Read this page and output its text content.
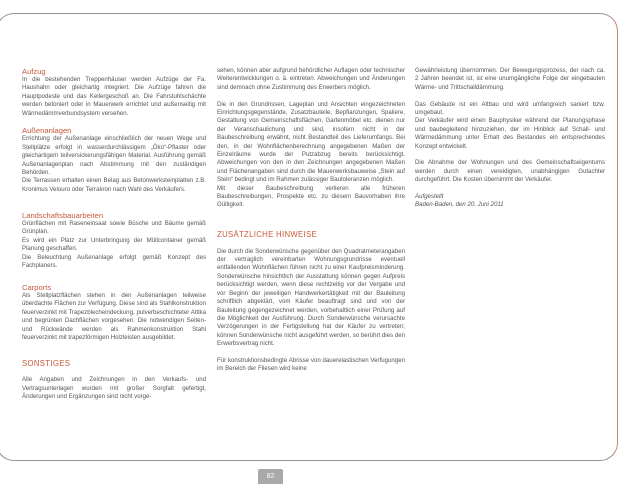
Aufzug

In die bestehenden Treppenhäuser werden Aufzüge der Fa. Haushahn oder gleichartig integriert. Die Aufzüge fahren die Hauptpodeste und das Kellergeschoß an. Die Fahrstuhlschächte werden betoniert oder in Mauerwerk errichtet und außenseitig mit Wärmedämmverbundsystem versehen.

Außenanlagen

Errichtung der Außenanlage einschließlich der neuen Wege und Stellplätze erfolgt in wasserdurchlässigem „Öko“-Pflaster oder gleichartigem teilversickerungsfähigen Material. Ausführung gemäß Außenanlagenplan nach Abstimmung mit den zuständigen Behörden.

Die Terrassen erhalten einen Belag aus Betonwerksteinplatten z.B. Kronimus Velouro oder Terrakron nach Wahl des Verkäufers.

Landschaftsbauarbeiten

Grünflächen mit Raseneinsaat sowie Büsche und Bäume gemäß Grünplan.

Es wird ein Platz zur Unterbringung der Müllcontainer gemäß Planung geschaffen.

Die Beleuchtung Außenanlage erfolgt gemäß Konzept des Fachplaners.

Carports

Als Stellplatzflächen stehen in den Außenanlagen teilweise überdachte Flächen zur Verfügung. Diese sind als Stahlkonstruktion feuerverzinkt mit Trapezblecheindeckung, pulverbeschichteter Attika und begrünten Dachflächen vorgesehen. Die notwendigen Seiten- und Rückwände werden als Rahmenkonstruktion Stahl feuerverzinkt mit trapezförmigen Holzleisten ausgebildet.

SONSTIGES

Alle Angaben und Zeichnungen in den Verkaufs- und Vertragsunterlagen wurden mit großer Sorgfalt gefertigt, Änderungen und Ergänzungen sind nicht vorge-

sehen, können aber aufgrund behördlicher Auflagen oder technischer Weiterentwicklungen o. ä. eintreten. Abweichungen und Änderungen sind demnach ohne Zustimmung des Erwerbers möglich.

Die in den Grundrissen, Lageplan und Ansichten eingezeichneten Einrichtungsgegenstände, Zusatzbauteile, Bepflanzungen, Spaliere, Gestaltung von Gemeinschaftsflächen, Gartenmöbel etc. dienen nur der Veranschaulichung und sind, insofern nicht in der Baubeschreibung erwähnt, nicht Bestandteil des Lieferumfangs. Bei den, in der Wohnflächenberechnung angegebenen Maßen der Einzelräume wurde der Putzabzug bereits berücksichtigt. Abweichungen von den in den Zeichnungen angegebenen Maßen und Flächenangaben sind durch die Mauerwerksbauweise „Stein auf Stein“ bedingt und im Rahmen zulässiger Bautoleranzen möglich.

Mit dieser Baubeschreibung verlieren alle früheren Baubeschreibungen, Prospekte etc. zu diesem Bauvorhaben ihre Gültigkeit.

ZUSÄTZLICHE HINWEISE

Die durch die Sonderwünsche gegenüber den Quadratmeterangaben der vertraglich vereinbarten Wohnungsgrundrisse eventuell entfallenden Wohnflächen führen nicht zu einer Kaufpreisminderung. Sonderwünsche hinsichtlich der Ausstattung können gegen Aufpreis berücksichtigt werden, wenn diese rechtzeitig vor der Vergabe und vor Beginn der jeweiligen Handwerkertätigkeit mit der Bauleitung schriftlich abgeklärt, vom Käufer beauftragt sind und von der Bauleitung gegengezeichnet werden, vorbehaltlich einer Prüfung auf die Möglichkeit der Ausführung. Durch Sonderwünsche verursachte Verzögerungen in der Fertigstellung hat der Käufer zu vertreten; können Sonderwünsche nicht ausgeführt werden, so berührt dies den Erwerbsvertrag nicht.

Für konstruktionsbedingte Abrisse von dauerelastischen Verfugungen im Bereich der Fliesen wird keine

Gewährleistung übernommen. Der Bewegungsprozess, der nach ca. 2 Jahren beendet ist, ist eine unumgängliche Folge der eingebauten Wärme- und Trittschalldämmung.

Das Gebäude ist ein Altbau und wird umfangreich saniert bzw. umgebaut.

Der Verkäufer wird einen Bauphysiker während der Planungsphase und baubegleitend hinzuziehen, der im Hinblick auf Schall- und Wärmedämmung unter Erhalt des Bestandes ein entsprechendes Konzept entwickelt.

Die Abnahme der Wohnungen und des Gemeinschaftseigentums werden durch einen vereidigten, unabhängigen Gutachter durchgeführt. Die Kosten übernimmt der Verkäufer.

Aufgestellt

Baden-Baden, den 20. Juni 2011

82
